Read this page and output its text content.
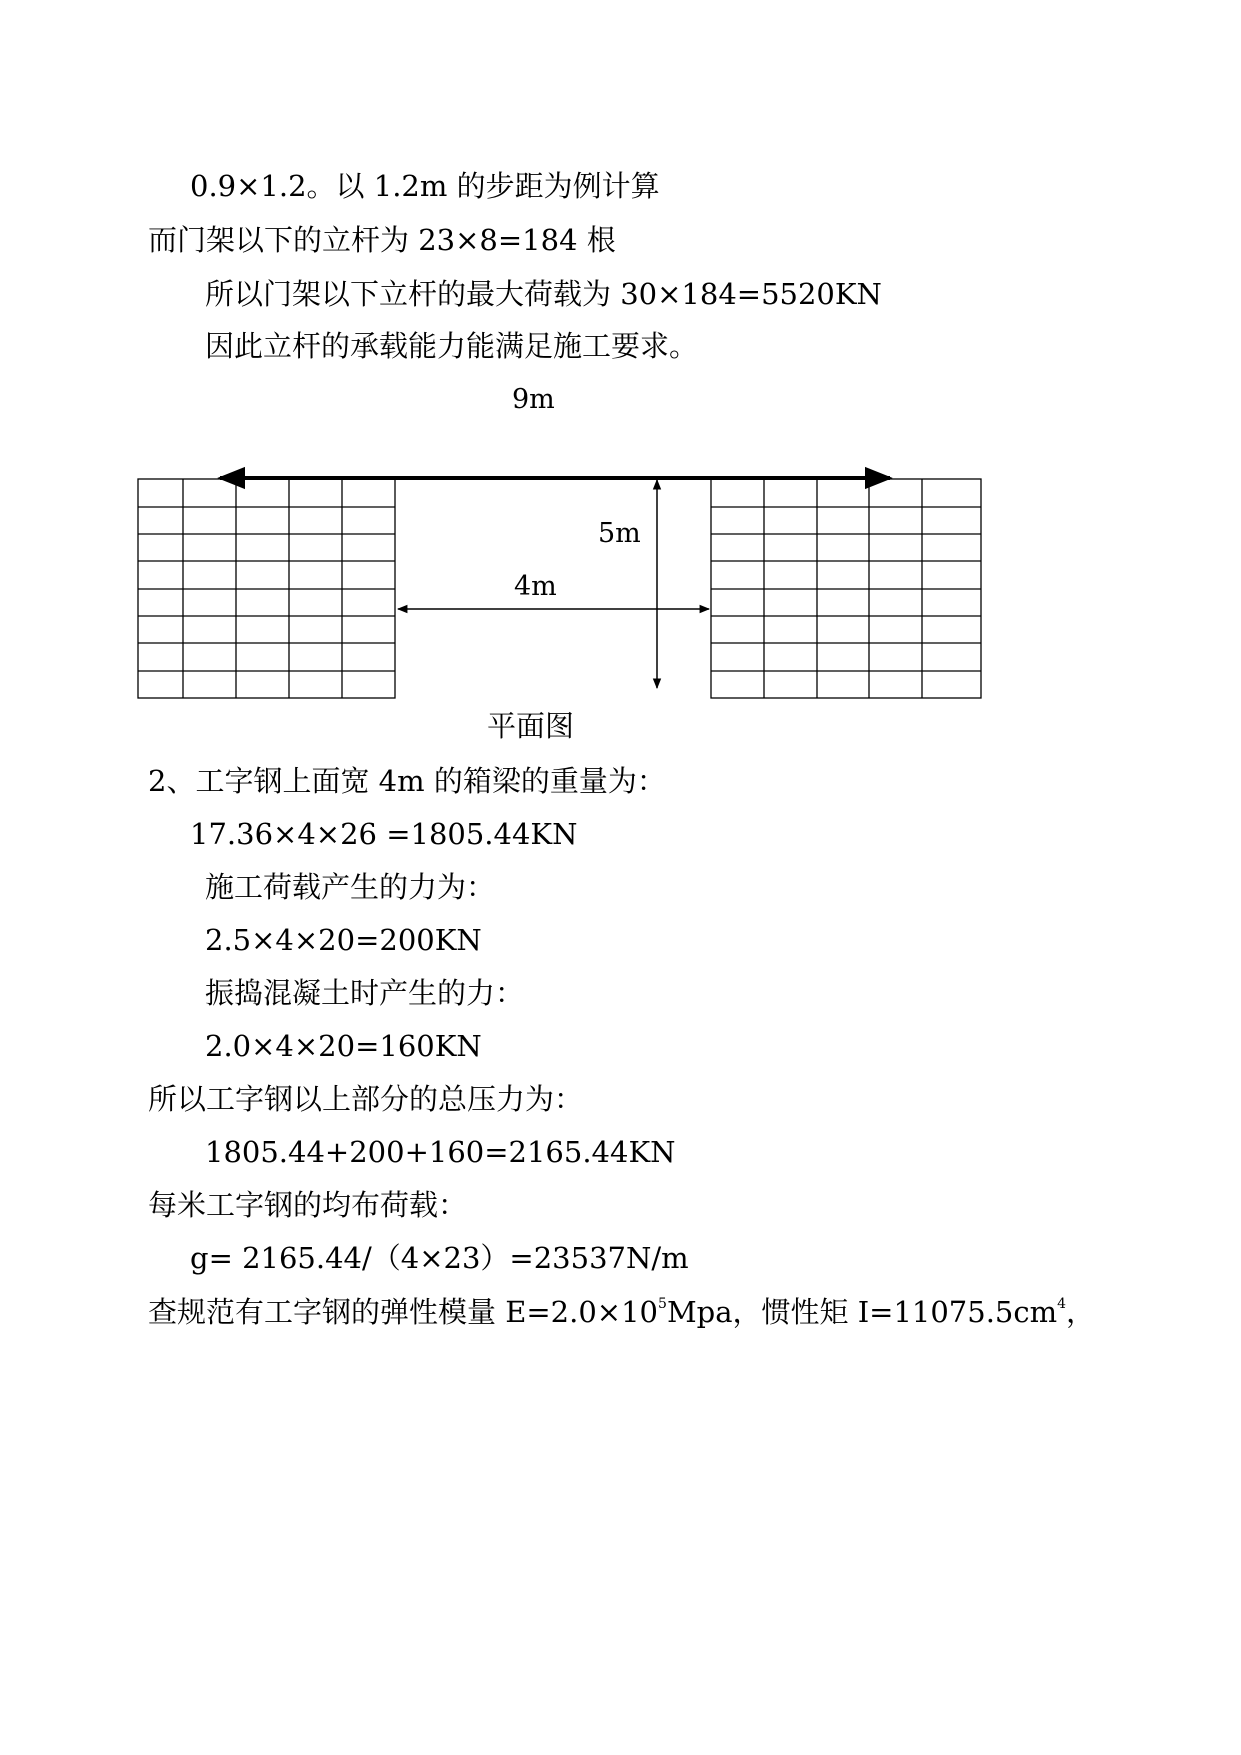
0.9×1.2。以 1.2m 的步距为例计算
而门架以下的立杆为 23×8=184 根
所以门架以下立杆的最大荷载为 30×184=5520KN
因此立杆的承载能力能满足施工要求。
9m
5m
4m
平面图
2、工字钢上面宽 4m 的箱梁的重量为：
17.36×4×26 =1805.44KN
施工荷载产生的力为：
2.5×4×20=200KN
振捣混凝土时产生的力：
2.0×4×20=160KN
所以工字钢以上部分的总压力为：
1805.44+200+160=2165.44KN
每米工字钢的均布荷载：
g= 2165.44/（4×23）=23537N/m
查规范有工字钢的弹性模量 $E=2.0\times 10^5Mpa$，惯性矩 $I=11075.5cm^4$，
